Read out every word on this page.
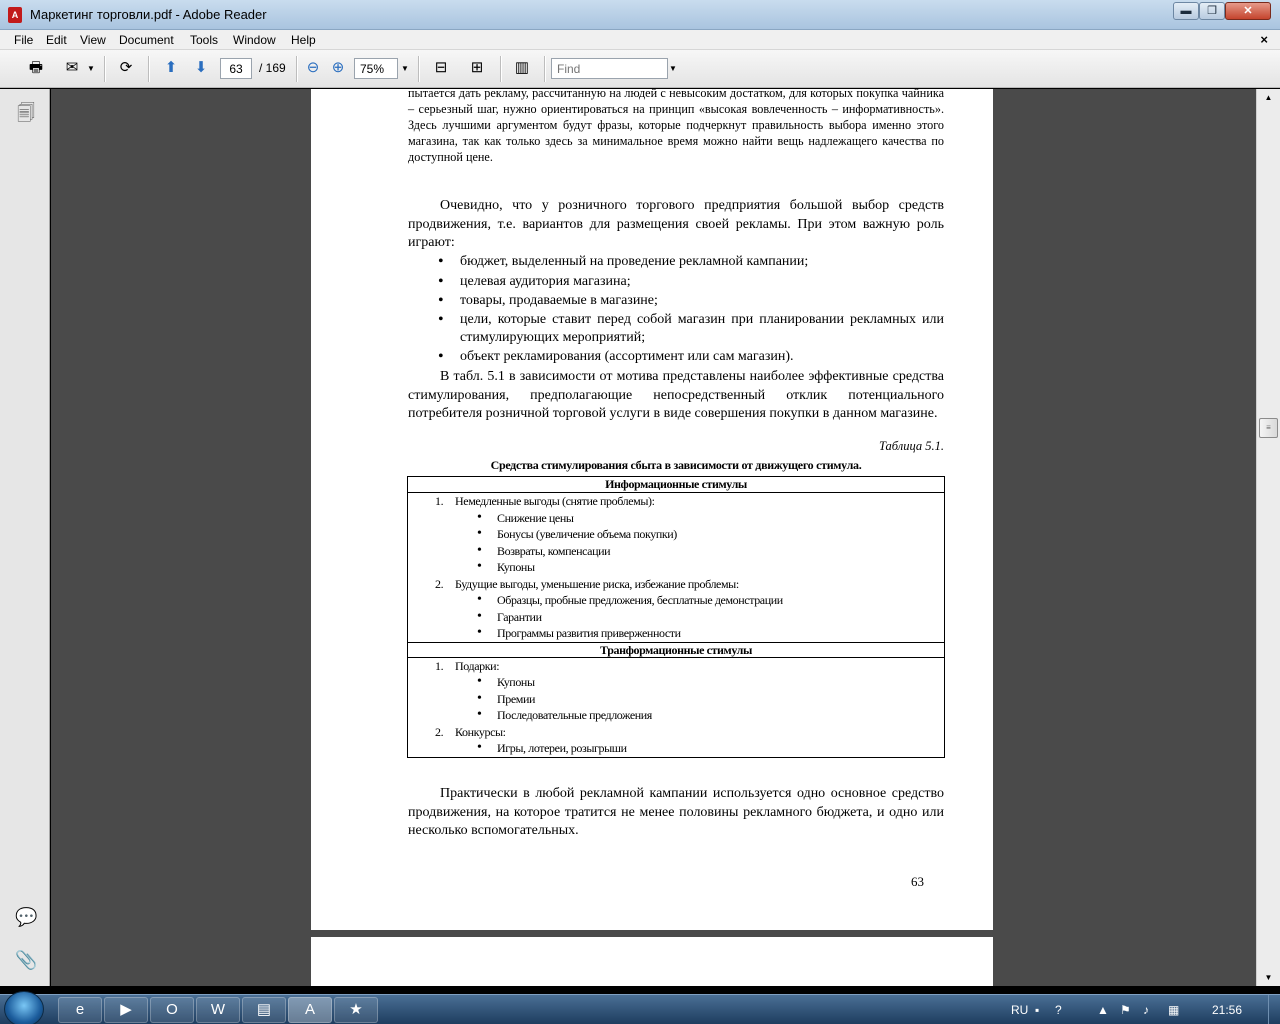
A Маркетинг торговли.pdf - Adobe Reader	▬	❐	✕
File Edit View Document Tools Window Help	×
🖶	✉	▼	⟳	⬆	⬇
63	/ 169	⊖ ⊕
75%	▼	⊟	⊞	▥
Find	▼
🗐
💬
📎
пытается дать рекламу, рассчитанную на людей с невысоким достатком, для которых покупка чайника – серьезный шаг, нужно ориентироваться на принцип «высокая вовлеченность – информативность». Здесь лучшими аргументом будут фразы, которые подчеркнут правильность выбора именно этого магазина, так как только здесь за минимальное время можно найти вещь надлежащего качества по доступной цене.
Очевидно, что у розничного торгового предприятия большой выбор средств продвижения, т.е. вариантов для размещения своей рекламы. При этом важную роль играют:
• бюджет, выделенный на проведение рекламной кампании;
• целевая аудитория магазина;
• товары, продаваемые в магазине;
• цели, которые ставит перед собой магазин при планировании рекламных или стимулирующих мероприятий;
• объект рекламирования (ассортимент или сам магазин).
В табл. 5.1 в зависимости от мотива представлены наиболее эффективные средства стимулирования, предполагающие непосредственный отклик потенциального потребителя розничной торговой услуги в виде совершения покупки в данном магазине.
Таблица 5.1.
Средства стимулирования сбыта в зависимости от движущего стимула.
Информационные стимулы
1. Немедленные выгоды (снятие проблемы):
• Снижение цены
• Бонусы (увеличение объема покупки)
• Возвраты, компенсации
• Купоны
2. Будущие выгоды, уменьшение риска, избежание проблемы:
• Образцы, пробные предложения, бесплатные демонстрации
• Гарантии
• Программы развития приверженности
Транформационные стимулы
1. Подарки:
• Купоны
• Премии
• Последовательные предложения
2. Конкурсы:
• Игры, лотереи, розыгрыши
Практически в любой рекламной кампании используется одно основное средство продвижения, на которое тратится не менее половины рекламного бюджета, и одно или несколько вспомогательных.
63
▲
≡
▼
e	▶	O	W	▤	A	★	RU ▪ ?	▲ ⚑ ♪ ▦	21:56
